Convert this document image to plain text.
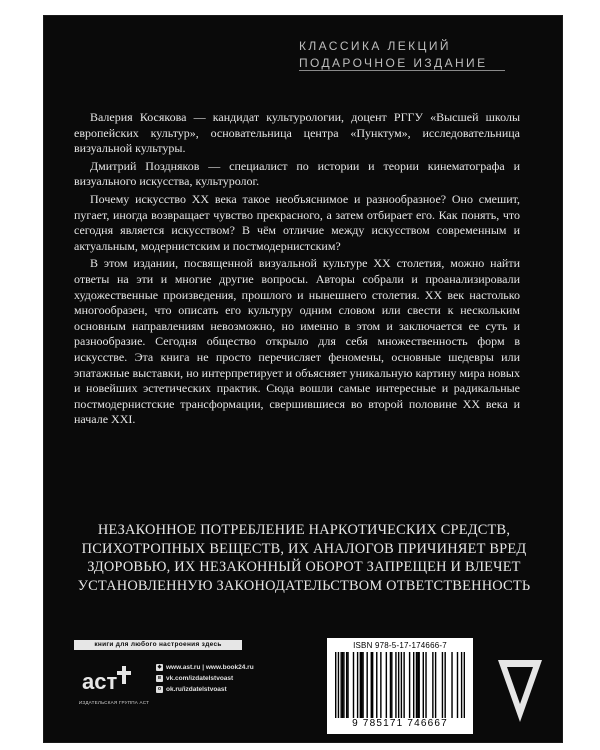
КЛАССИКА ЛЕКЦИЙ
ПОДАРОЧНОЕ ИЗДАНИЕ

Валерия Косякова — кандидат культурологии, доцент РГГУ «Высшей школы европейских культур», основательница центра «Пунктум», исследовательница визуальной культуры.

Дмитрий Поздняков — специалист по истории и теории кинематографа и визуального искусства, культуролог.

Почему искусство XX века такое необъяснимое и разнообразное? Оно смешит, пугает, иногда возвращает чувство прекрасного, а затем отбирает его. Как понять, что сегодня является искусством? В чём отличие между искусством современным и актуальным, модернистским и постмодернистским?

В этом издании, посвященной визуальной культуре XX столетия, можно найти ответы на эти и многие другие вопросы. Авторы собрали и проанализировали художественные произведения, прошлого и нынешнего столетия. XX век настолько многообразен, что описать его культуру одним словом или свести к нескольким основным направлениям невозможно, но именно в этом и заключается ее суть и разнообразие. Сегодня общество открыло для себя множественность форм в искусстве. Эта книга не просто перечисляет феномены, основные шедевры или эпатажные выставки, но интерпретирует и объясняет уникальную картину мира новых и новейших эстетических практик. Сюда вошли самые интересные и радикальные постмодернистские трансформации, свершившиеся во второй половине XX века и начале XXI.

НЕЗАКОННОЕ ПОТРЕБЛЕНИЕ НАРКОТИЧЕСКИХ СРЕДСТВ,
ПСИХОТРОПНЫХ ВЕЩЕСТВ, ИХ АНАЛОГОВ ПРИЧИНЯЕТ ВРЕД
ЗДОРОВЬЮ, ИХ НЕЗАКОННЫЙ ОБОРОТ ЗАПРЕЩЕН И ВЛЕЧЕТ
УСТАНОВЛЕННУЮ ЗАКОНОДАТЕЛЬСТВОМ ОТВЕТСТВЕННОСТЬ
книги для любого настроения здесь
аст
ИЗДАТЕЛЬСКАЯ ГРУППА АСТ
◆ www.ast.ru | www.book24.ru
в vk.com/izdatelstvoast
о ok.ru/izdatelstvoast
ISBN 978-5-17-174666-7
9 785171 746667
V
